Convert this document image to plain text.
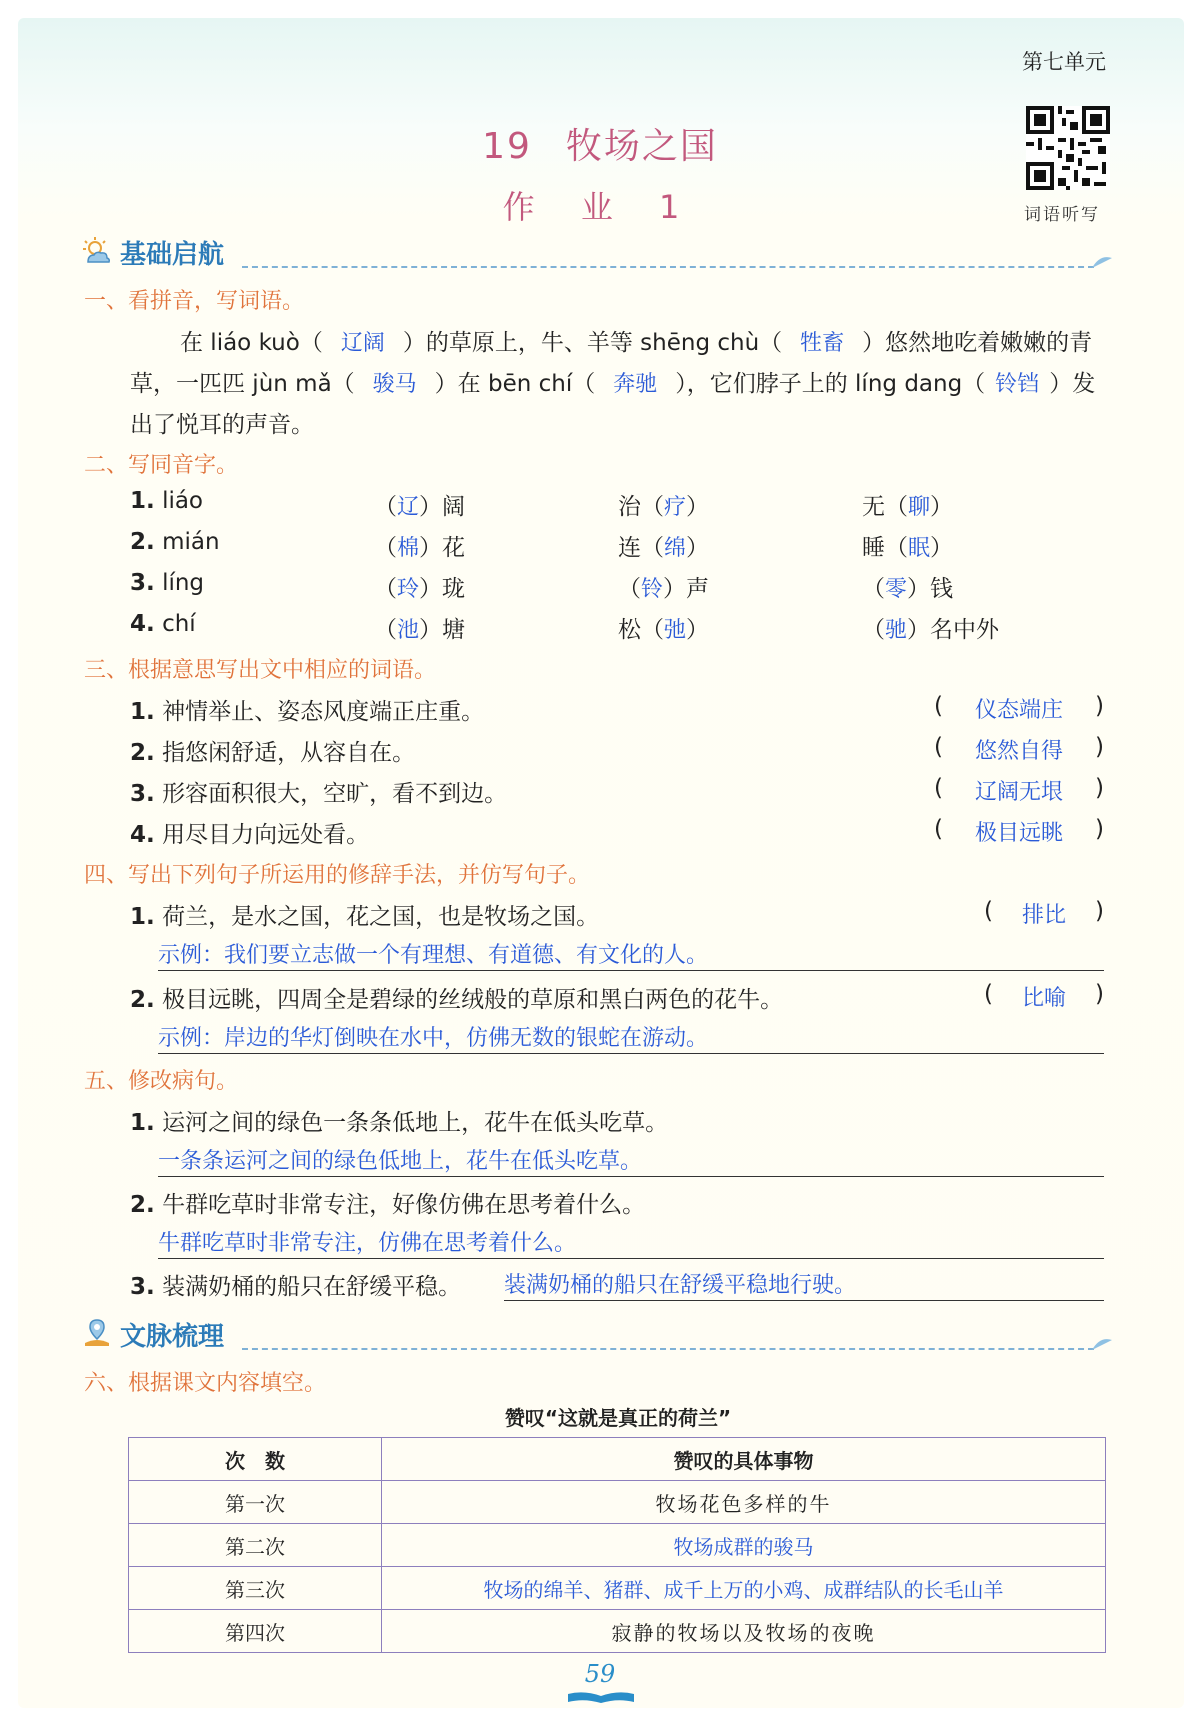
第七单元
19 牧场之国
作 业 1	词语听写
基础启航
一、看拼音，写词语。
在 liáo kuò（ 辽阔 ）的草原上，牛、羊等 shēng chù（ 牲畜 ）悠然地吃着嫩嫩的青
草，一匹匹 jùn mǎ（ 骏马 ）在 bēn chí（ 奔驰 ），它们脖子上的 líng dang（ 铃铛 ）发
出了悦耳的声音。
二、写同音字。
1. liáo	（辽）阔	治（疗）	无（聊）
2. mián	（棉）花	连（绵）	睡（眠）
3. líng	（玲）珑	（铃）声	（零）钱
4. chí	（池）塘	松（弛）	（驰）名中外
三、根据意思写出文中相应的词语。
1. 神情举止、姿态风度端正庄重。	( 仪态端庄 )
2. 指悠闲舒适，从容自在。	( 悠然自得 )
3. 形容面积很大，空旷，看不到边。	( 辽阔无垠 )
4. 用尽目力向远处看。	( 极目远眺 )
四、写出下列句子所运用的修辞手法，并仿写句子。
1. 荷兰，是水之国，花之国，也是牧场之国。	( 排比 )
示例：我们要立志做一个有理想、有道德、有文化的人。
2. 极目远眺，四周全是碧绿的丝绒般的草原和黑白两色的花牛。	( 比喻 )
示例：岸边的华灯倒映在水中，仿佛无数的银蛇在游动。
五、修改病句。
1. 运河之间的绿色一条条低地上，花牛在低头吃草。
一条条运河之间的绿色低地上，花牛在低头吃草。
2. 牛群吃草时非常专注，好像仿佛在思考着什么。
牛群吃草时非常专注，仿佛在思考着什么。
3. 装满奶桶的船只在舒缓平稳。 装满奶桶的船只在舒缓平稳地行驶。
文脉梳理
六、根据课文内容填空。
赞叹“这就是真正的荷兰”
次　数	赞叹的具体事物
第一次	牧场花色多样的牛
第二次	牧场成群的骏马
第三次	牧场的绵羊、猪群、成千上万的小鸡、成群结队的长毛山羊
第四次	寂静的牧场以及牧场的夜晚
59
